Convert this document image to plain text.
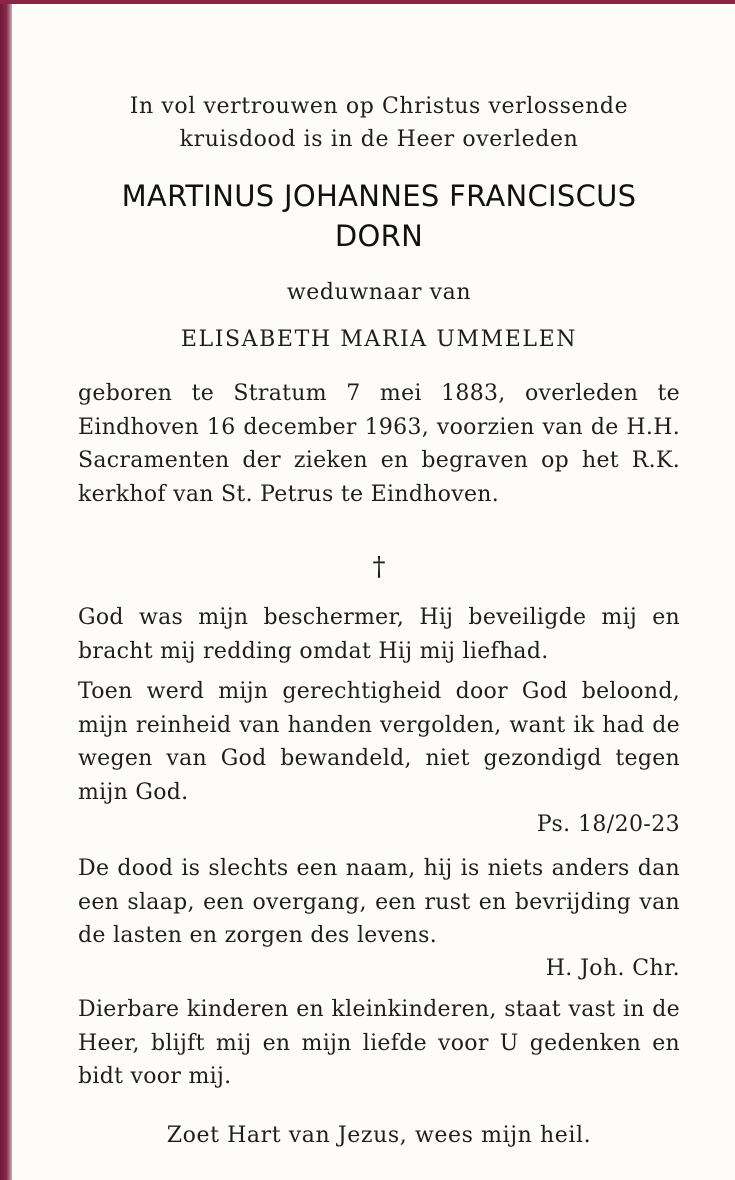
In vol vertrouwen op Christus verlossende
kruisdood is in de Heer overleden
MARTINUS JOHANNES FRANCISCUS
DORN
weduwnaar van
ELISABETH MARIA UMMELEN
geboren te Stratum 7 mei 1883, overleden te Eindhoven 16 december 1963, voorzien van de H.H. Sacramenten der zieken en begraven op het R.K. kerkhof van St. Petrus te Eindhoven.
†
God was mijn beschermer, Hij beveiligde mij en bracht mij redding omdat Hij mij liefhad.
Toen werd mijn gerechtigheid door God beloond, mijn reinheid van handen vergolden, want ik had de wegen van God bewandeld, niet gezondigd tegen mijn God.
Ps. 18/20-23
De dood is slechts een naam, hij is niets anders dan een slaap, een overgang, een rust en bevrijding van de lasten en zorgen des levens.
H. Joh. Chr.
Dierbare kinderen en kleinkinderen, staat vast in de Heer, blijft mij en mijn liefde voor U gedenken en bidt voor mij.
Zoet Hart van Jezus, wees mijn heil.
